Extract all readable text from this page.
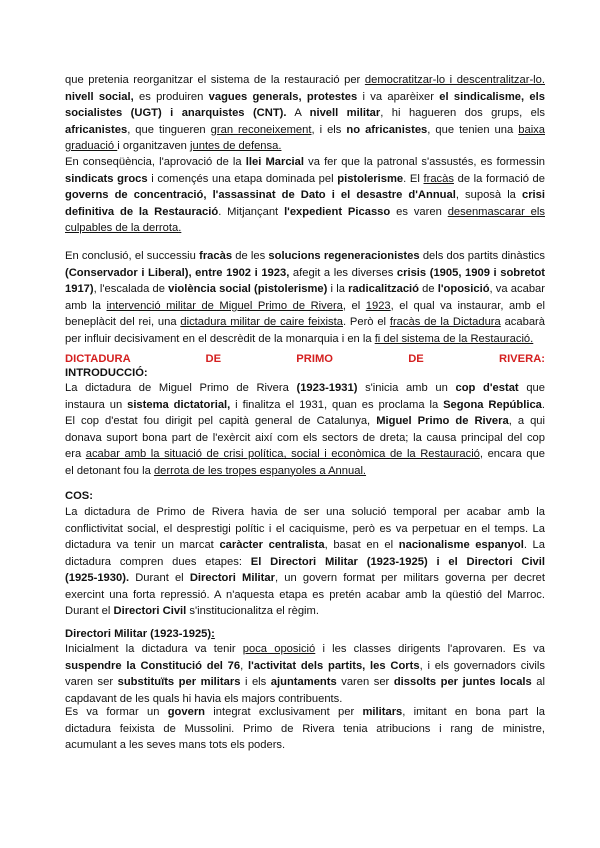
que pretenia reorganitzar el sistema de la restauració per democratitzar-lo i descentralitzar-lo.
nivell social, es produiren vagues generals, protestes i va aparèixer el sindicalisme, els
socialistes (UGT) i anarquistes (CNT). A nivell militar, hi hagueren dos grups, els
africanistes, que tingueren gran reconeixement, i els no africanistes, que tenien una baixa
graduació i organitzaven juntes de defensa.
En conseqüència, l'aprovació de la llei Marcial va fer que la patronal s'assustés, es formessin
sindicats grocs i començés una etapa dominada pel pistolerisme. El fracàs de la formació de
governs de concentració, l'assassinat de Dato i el desastre d'Annual, suposà la crisi
definitiva de la Restauració. Mitjançant l'expedient Picasso es varen desenmascarar els
culpables de la derrota.
En conclusió, el successiu fracàs de les solucions regeneracionistes dels dos partits dinàstics
(Conservador i Liberal), entre 1902 i 1923, afegit a les diverses crisis (1905, 1909 i sobretot
1917), l'escalada de violència social (pistolerisme) i la radicalització de l'oposició, va acabar
amb la intervenció militar de Miguel Primo de Rivera, el 1923, el qual va instaurar, amb el
beneplàcit del rei, una dictadura militar de caire feixista. Però el fracàs de la Dictadura acabarà
per influir decisivament en el descrèdit de la monarquia i en la fi del sistema de la Restauració.
DICTADURA DE PRIMO DE RIVERA:
INTRODUCCIÓ:
La dictadura de Miguel Primo de Rivera (1923-1931) s'inicia amb un cop d'estat que
instaura un sistema dictatorial, i finalitza el 1931, quan es proclama la Segona República.
El cop d'estat fou dirigit pel capità general de Catalunya, Miguel Primo de Rivera, a qui
donava suport bona part de l'exèrcit així com els sectors de dreta; la causa principal del cop
era acabar amb la situació de crisi política, social i econòmica de la Restauració, encara que
el detonant fou la derrota de les tropes espanyoles a Annual.
COS:
La dictadura de Primo de Rivera havia de ser una solució temporal per acabar amb la
conflictivitat social, el desprestigi polític i el caciquisme, però es va perpetuar en el temps. La
dictadura va tenir un marcat caràcter centralista, basat en el nacionalisme espanyol. La
dictadura compren dues etapes: El Directori Militar (1923-1925) i el Directori Civil
(1925-1930). Durant el Directori Militar, un govern format per militars governa per decret
exercint una forta repressió. A n'aquesta etapa es pretén acabar amb la qüestió del Marroc.
Durant el Directori Civil s'institucionalitza el règim.
Directori Militar (1923-1925):
Inicialment la dictadura va tenir poca oposició i les classes dirigents l'aprovaren. Es va
suspendre la Constitució del 76, l'activitat dels partits, les Corts, i els governadors civils
varen ser substituïts per militars i els ajuntaments varen ser dissolts per juntes locals al
capdavant de les quals hi havia els majors contribuents.
Es va formar un govern integrat exclusivament per militars, imitant en bona part la
dictadura feixista de Mussolini. Primo de Rivera tenia atribucions i rang de ministre,
acumulant a les seves mans tots els poders.
